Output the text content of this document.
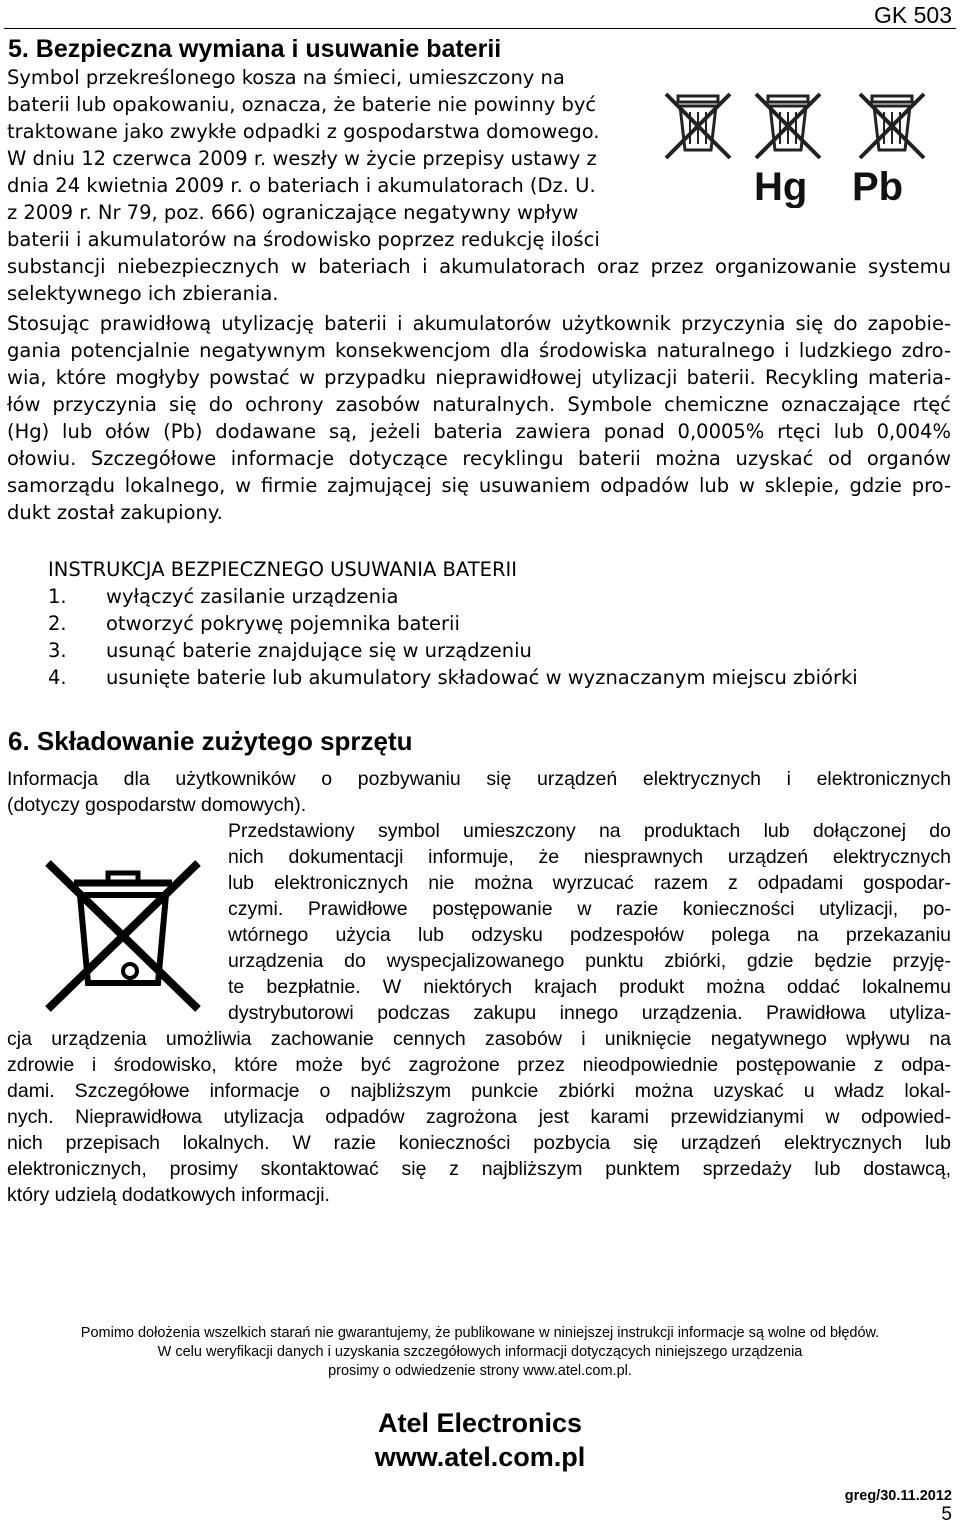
GK 503
5. Bezpieczna wymiana i usuwanie baterii
Symbol przekreślonego kosza na śmieci, umieszczony na
baterii lub opakowaniu, oznacza, że baterie nie powinny być
traktowane jako zwykłe odpadki z gospodarstwa domowego.
W dniu 12 czerwca 2009 r. weszły w życie przepisy ustawy z
dnia 24 kwietnia 2009 r. o bateriach i akumulatorach (Dz. U.
z 2009 r. Nr 79, poz. 666) ograniczające negatywny wpływ
baterii i akumulatorów na środowisko poprzez redukcję ilości
substancji niebezpiecznych w bateriach i akumulatorach oraz przez organizowanie systemu
selektywnego ich zbierania.
Stosując prawidłową utylizację baterii i akumulatorów użytkownik przyczynia się do zapobie-
gania potencjalnie negatywnym konsekwencjom dla środowiska naturalnego i ludzkiego zdro-
wia, które mogłyby powstać w przypadku nieprawidłowej utylizacji baterii. Recykling materia-
łów przyczynia się do ochrony zasobów naturalnych. Symbole chemiczne oznaczające rtęć
(Hg) lub ołów (Pb) dodawane są, jeżeli bateria zawiera ponad 0,0005% rtęci lub 0,004%
ołowiu. Szczegółowe informacje dotyczące recyklingu baterii można uzyskać od organów
samorządu lokalnego, w firmie zajmującej się usuwaniem odpadów lub w sklepie, gdzie pro-
dukt został zakupiony.
Hg Pb
INSTRUKCJA BEZPIECZNEGO USUWANIA BATERII
1. wyłączyć zasilanie urządzenia
2. otworzyć pokrywę pojemnika baterii
3. usunąć baterie znajdujące się w urządzeniu
4. usunięte baterie lub akumulatory składować w wyznaczanym miejscu zbiórki
6. Składowanie zużytego sprzętu
Informacja dla użytkowników o pozbywaniu się urządzeń elektrycznych i elektronicznych
(dotyczy gospodarstw domowych).
Przedstawiony symbol umieszczony na produktach lub dołączonej do
nich dokumentacji informuje, że niesprawnych urządzeń elektrycznych
lub elektronicznych nie można wyrzucać razem z odpadami gospodar-
czymi. Prawidłowe postępowanie w razie konieczności utylizacji, po-
wtórnego użycia lub odzysku podzespołów polega na przekazaniu
urządzenia do wyspecjalizowanego punktu zbiórki, gdzie będzie przyję-
te bezpłatnie. W niektórych krajach produkt można oddać lokalnemu
dystrybutorowi podczas zakupu innego urządzenia. Prawidłowa utyliza-
cja urządzenia umożliwia zachowanie cennych zasobów i uniknięcie negatywnego wpływu na
zdrowie i środowisko, które może być zagrożone przez nieodpowiednie postępowanie z odpa-
dami. Szczegółowe informacje o najbliższym punkcie zbiórki można uzyskać u władz lokal-
nych. Nieprawidłowa utylizacja odpadów zagrożona jest karami przewidzianymi w odpowied-
nich przepisach lokalnych. W razie konieczności pozbycia się urządzeń elektrycznych lub
elektronicznych, prosimy skontaktować się z najbliższym punktem sprzedaży lub dostawcą,
który udzielą dodatkowych informacji.
Pomimo dołożenia wszelkich starań nie gwarantujemy, że publikowane w niniejszej instrukcji informacje są wolne od błędów.
W celu weryfikacji danych i uzyskania szczegółowych informacji dotyczących niniejszego urządzenia
prosimy o odwiedzenie strony www.atel.com.pl.
Atel Electronics
www.atel.com.pl
greg/30.11.2012
5
